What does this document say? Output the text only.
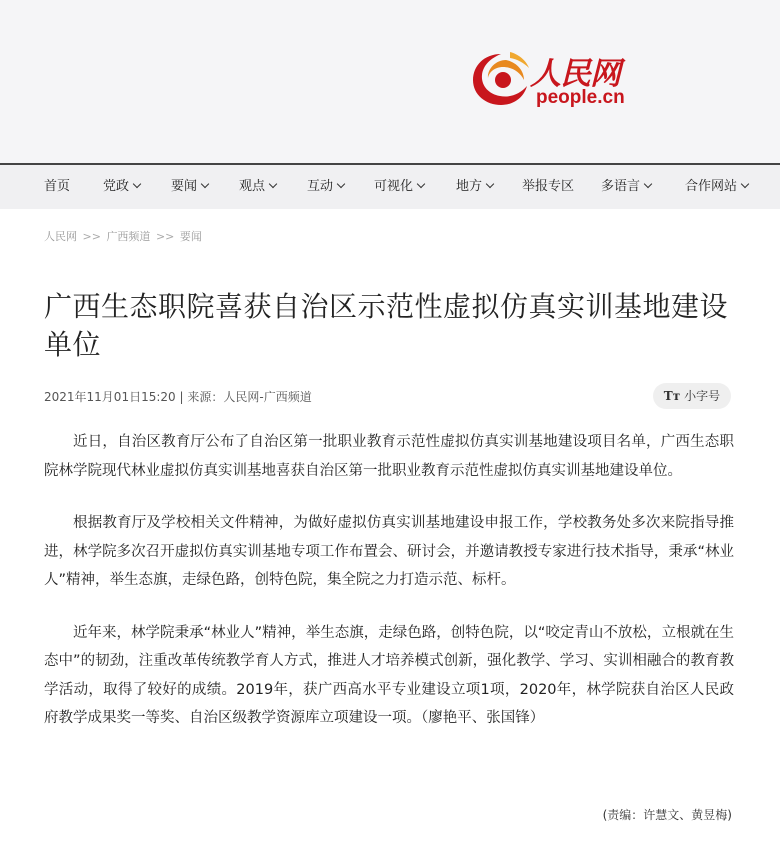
人民网
people.cn
首页	党政	要闻	观点	互动	可视化	地方	举报专区 多语言	合作网站
人民网 >> 广西频道 >> 要闻
广西生态职院喜获自治区示范性虚拟仿真实训基地建设单位
2021年11月01日15:20 | 来源：人民网-广西频道	Tт 小字号

近日，自治区教育厅公布了自治区第一批职业教育示范性虚拟仿真实训基地建设项目名单，广西生态职院林学院现代林业虚拟仿真实训基地喜获自治区第一批职业教育示范性虚拟仿真实训基地建设单位。

根据教育厅及学校相关文件精神，为做好虚拟仿真实训基地建设申报工作，学校教务处多次来院指导推进，林学院多次召开虚拟仿真实训基地专项工作布置会、研讨会，并邀请教授专家进行技术指导，秉承“林业人”精神，举生态旗，走绿色路，创特色院，集全院之力打造示范、标杆。

近年来，林学院秉承“林业人”精神，举生态旗，走绿色路，创特色院，以“咬定青山不放松，立根就在生态中”的韧劲，注重改革传统教学育人方式，推进人才培养模式创新，强化教学、学习、实训相融合的教育教学活动，取得了较好的成绩。2019年，获广西高水平专业建设立项1项，2020年，林学院获自治区人民政府教学成果奖一等奖、自治区级教学资源库立项建设一项。（廖艳平、张国锋）

(责编：许慧文、黄昱梅)
